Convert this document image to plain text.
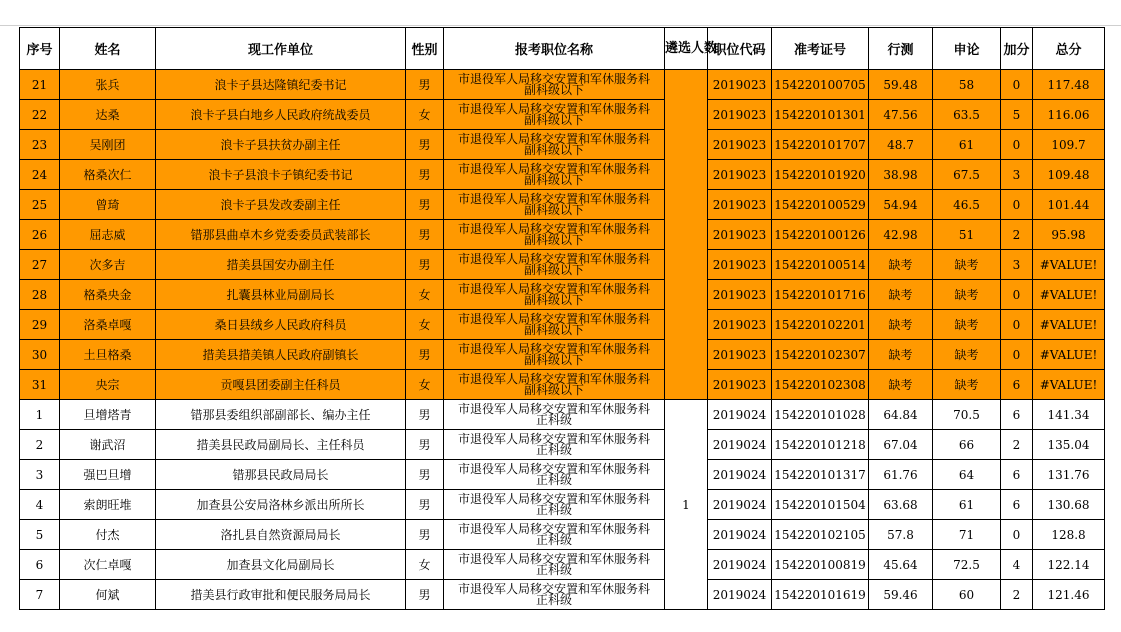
序号	姓名	现工作单位	性别	报考职位名称	遴选人数	职位代码	准考证号	行测	申论	加分	总分
21	张兵	浪卡子县达隆镇纪委书记	男	市退役军人局移交安置和军休服务科
副科级以下		2019023	154220100705	59.48	58	0	117.48
22	达桑	浪卡子县白地乡人民政府统战委员	女	市退役军人局移交安置和军休服务科
副科级以下		2019023	154220101301	47.56	63.5	5	116.06
23	吴刚团	浪卡子县扶贫办副主任	男	市退役军人局移交安置和军休服务科
副科级以下		2019023	154220101707	48.7	61	0	109.7
24	格桑次仁	浪卡子县浪卡子镇纪委书记	男	市退役军人局移交安置和军休服务科
副科级以下		2019023	154220101920	38.98	67.5	3	109.48
25	曾琦	浪卡子县发改委副主任	男	市退役军人局移交安置和军休服务科
副科级以下		2019023	154220100529	54.94	46.5	0	101.44
26	屈志威	错那县曲卓木乡党委委员武装部长	男	市退役军人局移交安置和军休服务科
副科级以下		2019023	154220100126	42.98	51	2	95.98
27	次多吉	措美县国安办副主任	男	市退役军人局移交安置和军休服务科
副科级以下		2019023	154220100514	缺考	缺考	3	#VALUE!
28	格桑央金	扎囊县林业局副局长	女	市退役军人局移交安置和军休服务科
副科级以下		2019023	154220101716	缺考	缺考	0	#VALUE!
29	洛桑卓嘎	桑日县绒乡人民政府科员	女	市退役军人局移交安置和军休服务科
副科级以下		2019023	154220102201	缺考	缺考	0	#VALUE!
30	土旦格桑	措美县措美镇人民政府副镇长	男	市退役军人局移交安置和军休服务科
副科级以下		2019023	154220102307	缺考	缺考	0	#VALUE!
31	央宗	贡嘎县团委副主任科员	女	市退役军人局移交安置和军休服务科
副科级以下		2019023	154220102308	缺考	缺考	6	#VALUE!
1	旦增塔青	错那县委组织部副部长、编办主任	男	市退役军人局移交安置和军休服务科
正科级	1	2019024	154220101028	64.84	70.5	6	141.34
2	谢武沼	措美县民政局副局长、主任科员	男	市退役军人局移交安置和军休服务科
正科级		2019024	154220101218	67.04	66	2	135.04
3	强巴旦增	错那县民政局局长	男	市退役军人局移交安置和军休服务科
正科级		2019024	154220101317	61.76	64	6	131.76
4	索朗旺堆	加查县公安局洛林乡派出所所长	男	市退役军人局移交安置和军休服务科
正科级		2019024	154220101504	63.68	61	6	130.68
5	付杰	洛扎县自然资源局局长	男	市退役军人局移交安置和军休服务科
正科级		2019024	154220102105	57.8	71	0	128.8
6	次仁卓嘎	加查县文化局副局长	女	市退役军人局移交安置和军休服务科
正科级		2019024	154220100819	45.64	72.5	4	122.14
7	何斌	措美县行政审批和便民服务局局长	男	市退役军人局移交安置和军休服务科
正科级		2019024	154220101619	59.46	60	2	121.46
